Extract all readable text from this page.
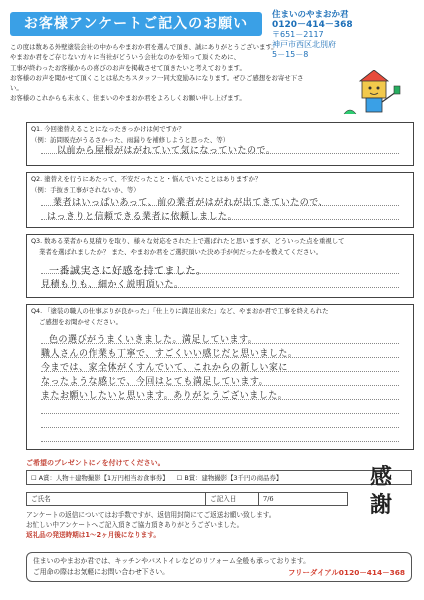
お客様アンケートご記入のお願い
住まいのやまおか君
0120－414－368
〒651－2117
神戸市西区北別府
5－15－8
この度は数ある外壁塗装会社の中からやまおか君を選んで頂き、誠にありがとうございます。
やまおか君をご存じない方々に当社がどういう会社なのかを知って頂くために、
工事が終わったお客様からの喜びのお声を掲載させて頂きたいと考えております。
お客様のお声を聞かせて頂くことは私たちスタッフ一同大変励みになります。ぜひご感想をお寄せ下さい。
お客様のこれからも末永く、住まいのやまおか君をよろしくお願い申し上げます。
Q1. 今回塗替えることになったきっかけは何ですか？
（例：訪問販売がうるさかった、雨漏りを補修しようと思った、等）
以前から屋根がはがれていて気になっていたので。
Q2. 塗替えを行うにあたって、不安だったこと・悩んでいたことはありますか？
（例：手抜き工事がされないか、等）
業者はいっぱいあって、前の業者がはがれが出てきていたので、
はっきりと信頼できる業者に依頼しました。
Q3. 数ある業者から見積りを取り、様々な対応をされた上で選ばれたと思いますが、どういった点を重視して
業者を選ばれましたか？ また、やまおか君をご選択頂いた決め手が何だったかを教えてください。
一番誠実さに好感を持てました。
見積もりも、細かく説明頂いた。
Q4. 「塗装の職人の仕事ぶりが良かった」「仕上りに満足出来た」など、やまおか君で工事を終えられた
ご感想をお聞かせください。
色の選びがうまくいきました。満足しています。
職人さんの作業も丁寧で、すごくいい感じだと思いました。
今までは、家全体がくすんでいて、これからの新しい家に
なったような感じで、今回はとても満足しています。
またお願いしたいと思います。ありがとうございました。
ご希望のプレゼントに✓を付けてください。
☐ A賞：人物＋建物撮影【1万円相当お食事券】 ☐ B賞：建物撮影【3千円の商品券】
ご氏名	ご記入日	7/6
アンケートの返信についてはお手数ですが、返信用封筒にてご返送お願い致します。
お忙しい中アンケートへご記入頂きご協力頂きありがとうございました。
返礼品の発送時期は1～2ヶ月後になります。
感謝
住まいのやまおか君では、キッチンやバストイレなどのリフォーム全般も承っております。
ご用命の際はお気軽にお問い合わせ下さい。	フリーダイアル0120－414－368
